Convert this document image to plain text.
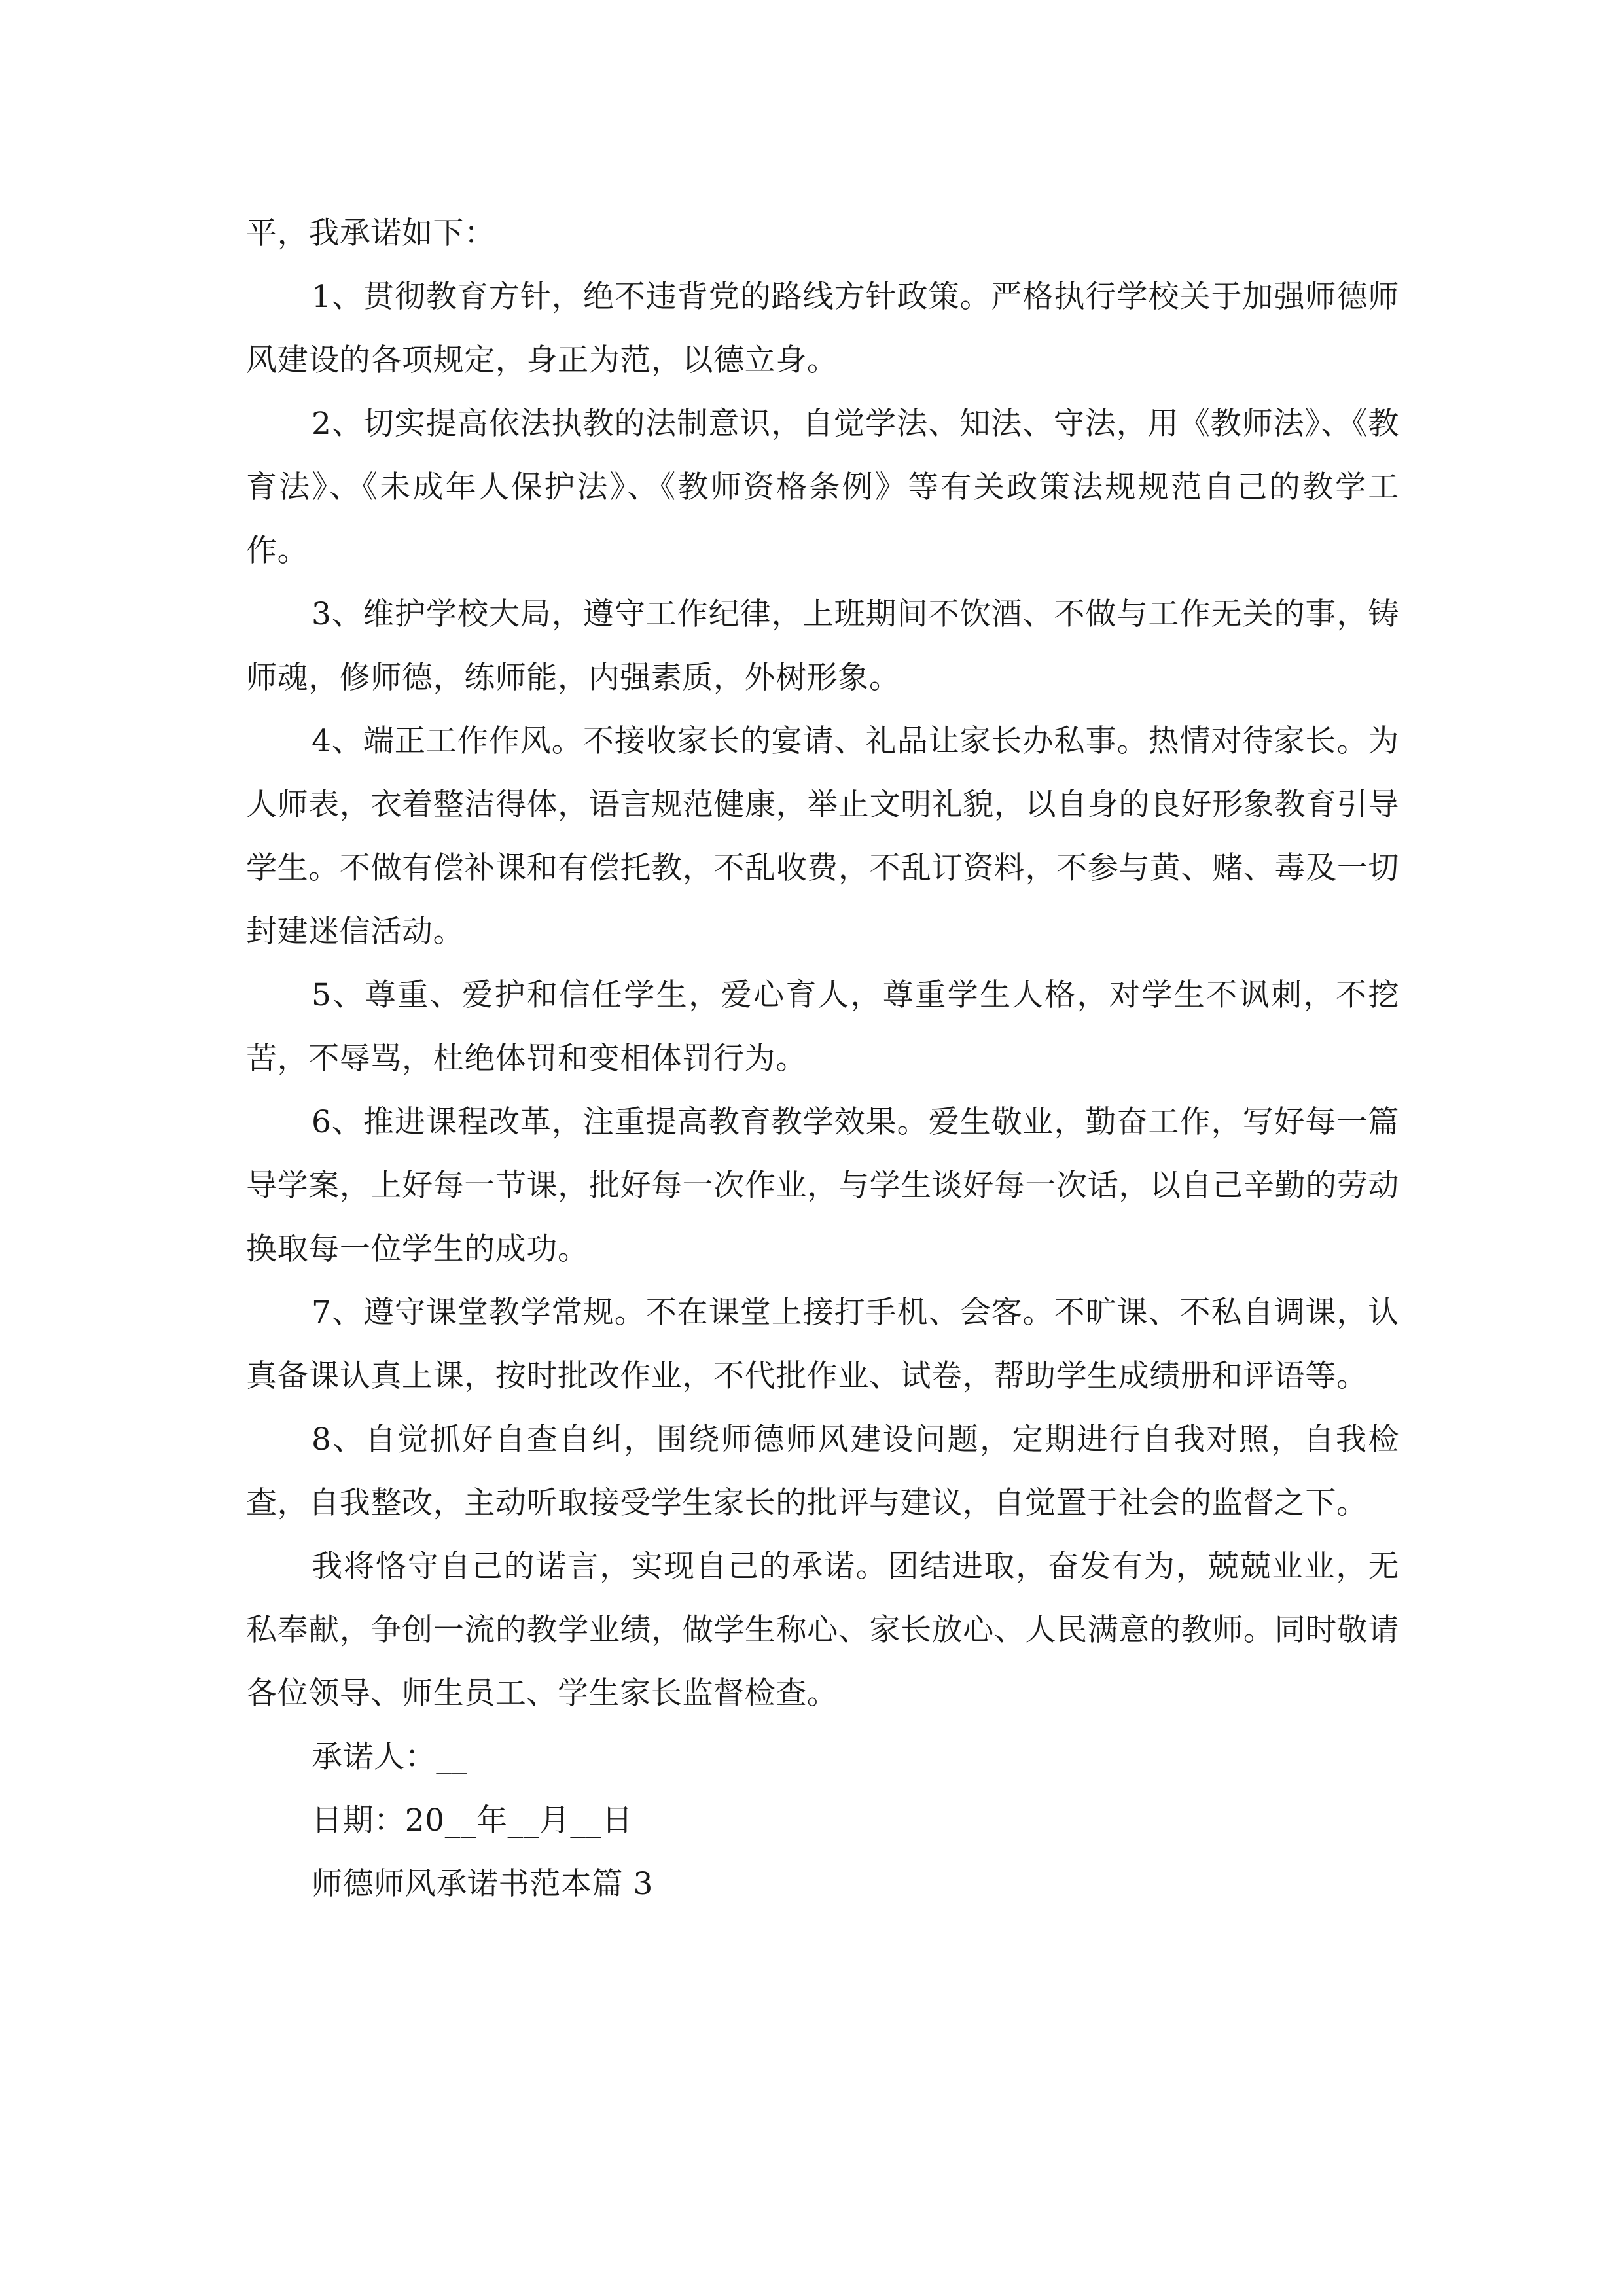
平，我承诺如下：

1、贯彻教育方针，绝不违背党的路线方针政策。严格执行学校关于加强师德师风建设的各项规定，身正为范，以德立身。

2、切实提高依法执教的法制意识，自觉学法、知法、守法，用《教师法》、《教育法》、《未成年人保护法》、《教师资格条例》等有关政策法规规范自己的教学工作。

3、维护学校大局，遵守工作纪律，上班期间不饮酒、不做与工作无关的事，铸师魂，修师德，练师能，内强素质，外树形象。

4、端正工作作风。不接收家长的宴请、礼品让家长办私事。热情对待家长。为人师表，衣着整洁得体，语言规范健康，举止文明礼貌，以自身的良好形象教育引导学生。不做有偿补课和有偿托教，不乱收费，不乱订资料，不参与黄、赌、毒及一切封建迷信活动。

5、尊重、爱护和信任学生，爱心育人，尊重学生人格，对学生不讽刺，不挖苦，不辱骂，杜绝体罚和变相体罚行为。

6、推进课程改革，注重提高教育教学效果。爱生敬业，勤奋工作，写好每一篇导学案，上好每一节课，批好每一次作业，与学生谈好每一次话，以自己辛勤的劳动换取每一位学生的成功。

7、遵守课堂教学常规。不在课堂上接打手机、会客。不旷课、不私自调课，认真备课认真上课，按时批改作业，不代批作业、试卷，帮助学生成绩册和评语等。

8、自觉抓好自查自纠，围绕师德师风建设问题，定期进行自我对照，自我检查，自我整改，主动听取接受学生家长的批评与建议，自觉置于社会的监督之下。

我将恪守自己的诺言，实现自己的承诺。团结进取，奋发有为，兢兢业业，无私奉献，争创一流的教学业绩，做学生称心、家长放心、人民满意的教师。同时敬请各位领导、师生员工、学生家长监督检查。

承诺人：__

日期：20__年__月__日

师德师风承诺书范本篇 3
